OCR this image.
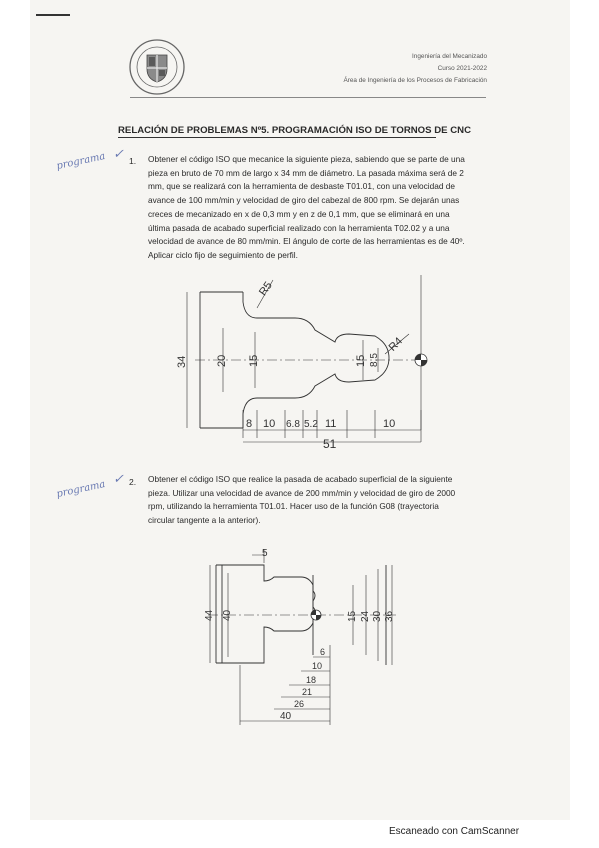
Ingeniería del Mecanizado
Curso 2021-2022
Área de Ingeniería de los Procesos de Fabricación
RELACIÓN DE PROBLEMAS Nº5. PROGRAMACIÓN ISO DE TORNOS DE CNC
programa ✓ 1. Obtener el código ISO que mecanice la siguiente pieza, sabiendo que se parte de una
pieza en bruto de 70 mm de largo x 34 mm de diámetro. La pasada máxima será de 2
mm, que se realizará con la herramienta de desbaste T01.01, con una velocidad de
avance de 100 mm/min y velocidad de giro del cabezal de 800 rpm. Se dejarán unas
creces de mecanizado en x de 0,3 mm y en z de 0,1 mm, que se eliminará en una
última pasada de acabado superficial realizado con la herramienta T02.02 y a una
velocidad de avance de 80 mm/min. El ángulo de corte de las herramientas es de 40º.
Aplicar ciclo fijo de seguimiento de perfil.
R5
R4
34	20 15	15 8.5
8 10 6.8 5.2 11	10
51
programa ✓ 2. Obtener el código ISO que realice la pasada de acabado superficial de la siguiente
pieza. Utilizar una velocidad de avance de 200 mm/min y velocidad de giro de 2000
rpm, utilizando la herramienta T01.01. Hacer uso de la función G08 (trayectoria
circular tangente a la anterior).
5
44 40	15 24 30 36
6
10
18
21
26
40
Escaneado con CamScanner
